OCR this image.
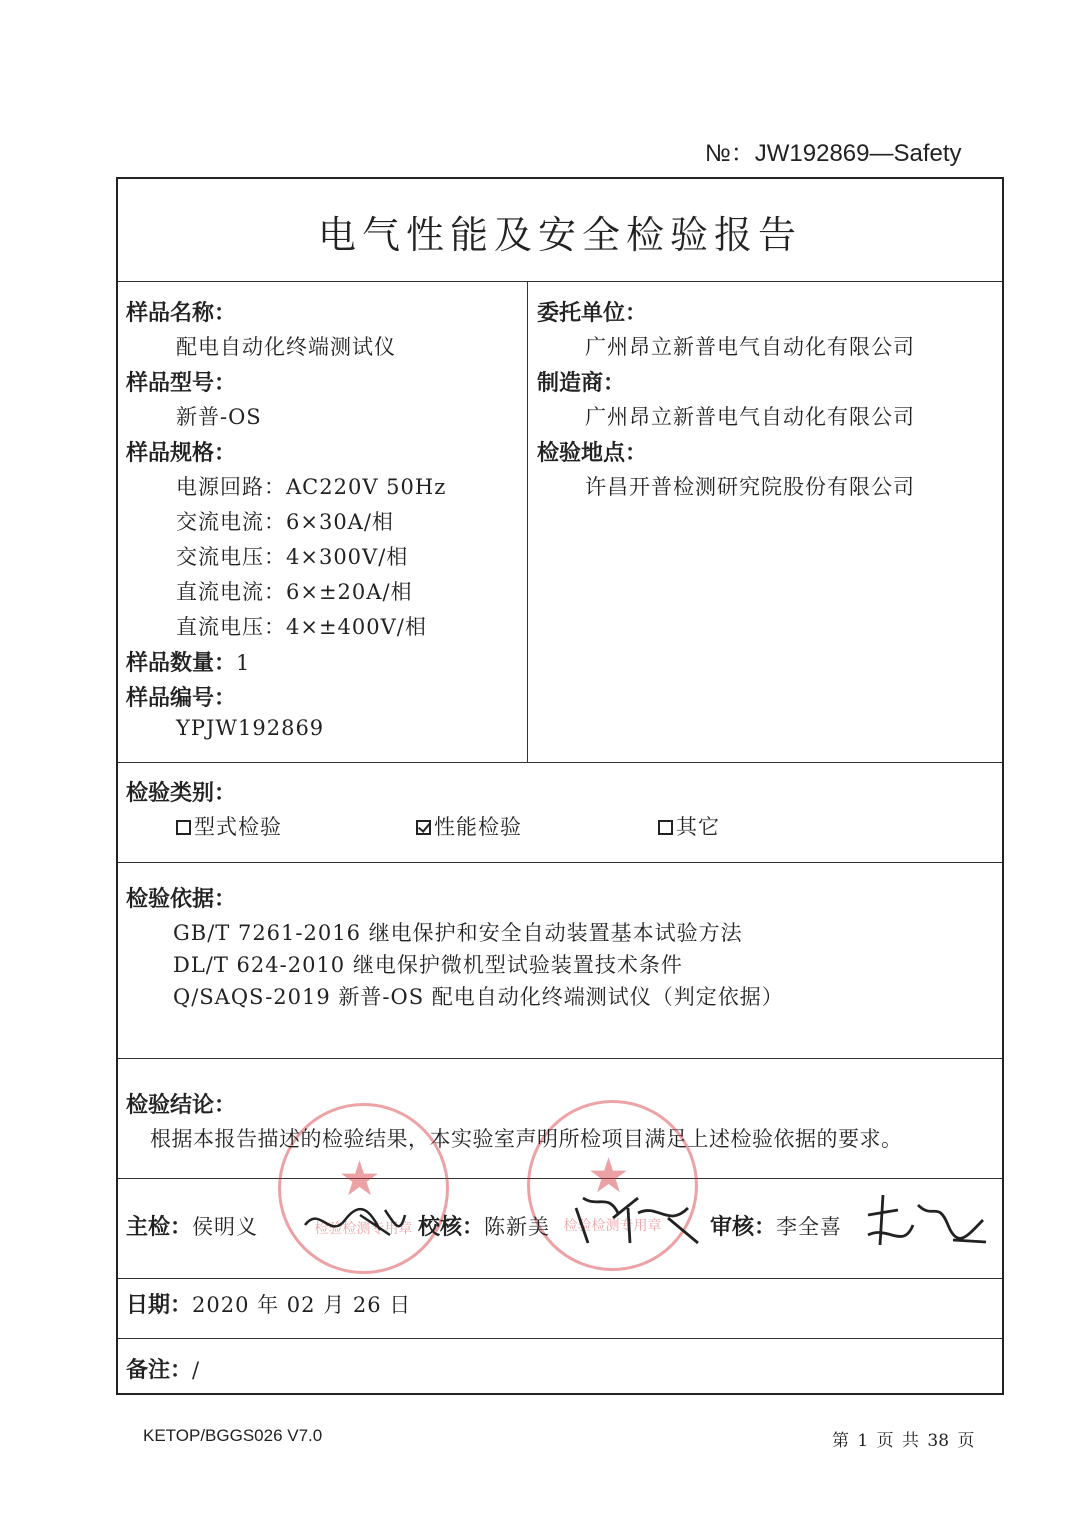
№：JW192869—Safety
电气性能及安全检验报告
样品名称：
配电自动化终端测试仪
样品型号：
新普-OS
样品规格：
电源回路：AC220V 50Hz
交流电流：6×30A/相
交流电压：4×300V/相
直流电流：6×±20A/相
直流电压：4×±400V/相
样品数量：1
样品编号：
YPJW192869
委托单位：
广州昂立新普电气自动化有限公司
制造商：
广州昂立新普电气自动化有限公司
检验地点：
许昌开普检测研究院股份有限公司
检验类别：
型式检验	性能检验	其它
检验依据：
GB/T 7261-2016 继电保护和安全自动装置基本试验方法
DL/T 624-2010 继电保护微机型试验装置技术条件
Q/SAQS-2019 新普-OS 配电自动化终端测试仪（判定依据）
★
检验检测专用章
★
检验检测专用章
检验结论：
根据本报告描述的检验结果，本实验室声明所检项目满足上述检验依据的要求。
主检：侯明义	校核：陈新美	审核：李全喜
日期：2020 年 02 月 26 日
备注：/
KETOP/BGGS026 V7.0	第 1 页 共 38 页
